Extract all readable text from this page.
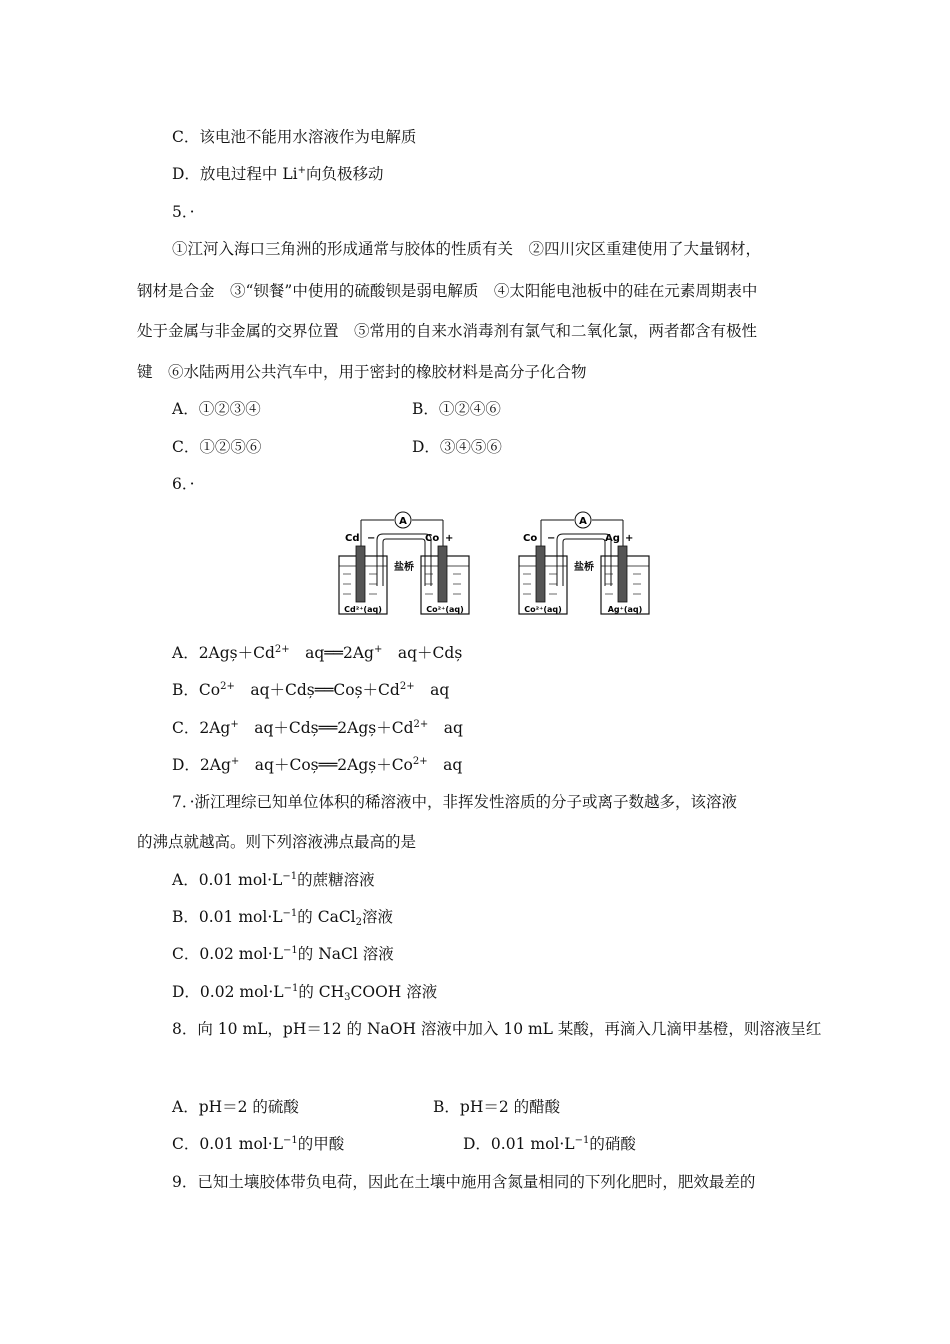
C．该电池不能用水溶液作为电解质
D．放电过程中 Li+向负极移动
5．·
①江河入海口三角洲的形成通常与胶体的性质有关　②四川灾区重建使用了大量钢材，
钢材是合金　③“钡餐”中使用的硫酸钡是弱电解质　④太阳能电池板中的硅在元素周期表中
处于金属与非金属的交界位置　⑤常用的自来水消毒剂有氯气和二氧化氯，两者都含有极性
键　⑥水陆两用公共汽车中，用于密封的橡胶材料是高分子化合物
A．①②③④	B．①②④⑥
C．①②⑤⑥	D．③④⑤⑥
6．·
A
Cd −	Co +
盐桥
Cd²⁺(aq)	Co²⁺(aq)
A
Co −	Ag +
盐桥
Co²⁺(aq)	Ag⁺(aq)
A．$2Agș+Cd^{2+}$　aq══2Ag+　aq＋Cdș
B．$Co^{2+}$　$aq+Cdș══Coș+Cd^{2+}$　aq
C．2Ag+　$aq+Cdș══2Agș+Cd^{2+}$　aq
D．2Ag+　$aq+Coș══2Agș+Co^{2+}$　aq
7．·浙江理综已知单位体积的稀溶液中，非挥发性溶质的分子或离子数越多，该溶液
的沸点就越高。则下列溶液沸点最高的是
A．0.01 $mol\cdot L^{-1}$的蔗糖溶液
B．0.01 $mol\cdot L^{-1}$的 CaCl$_2$溶液
C．0.02 $mol\cdot L^{-1}$的 NaCl 溶液
D．0.02 $mol\cdot L^{-1}$的 $CH_3COOH$ 溶液
8．向 10 mL，pH＝12 的 NaOH 溶液中加入 10 mL 某酸，再滴入几滴甲基橙，则溶液呈红
A．pH＝2 的硫酸	B．pH＝2 的醋酸
C．0.01 $mol\cdot L^{-1}$的甲酸	D．0.01 $mol\cdot L^{-1}$的硝酸
9．已知土壤胶体带负电荷，因此在土壤中施用含氮量相同的下列化肥时，肥效最差的
